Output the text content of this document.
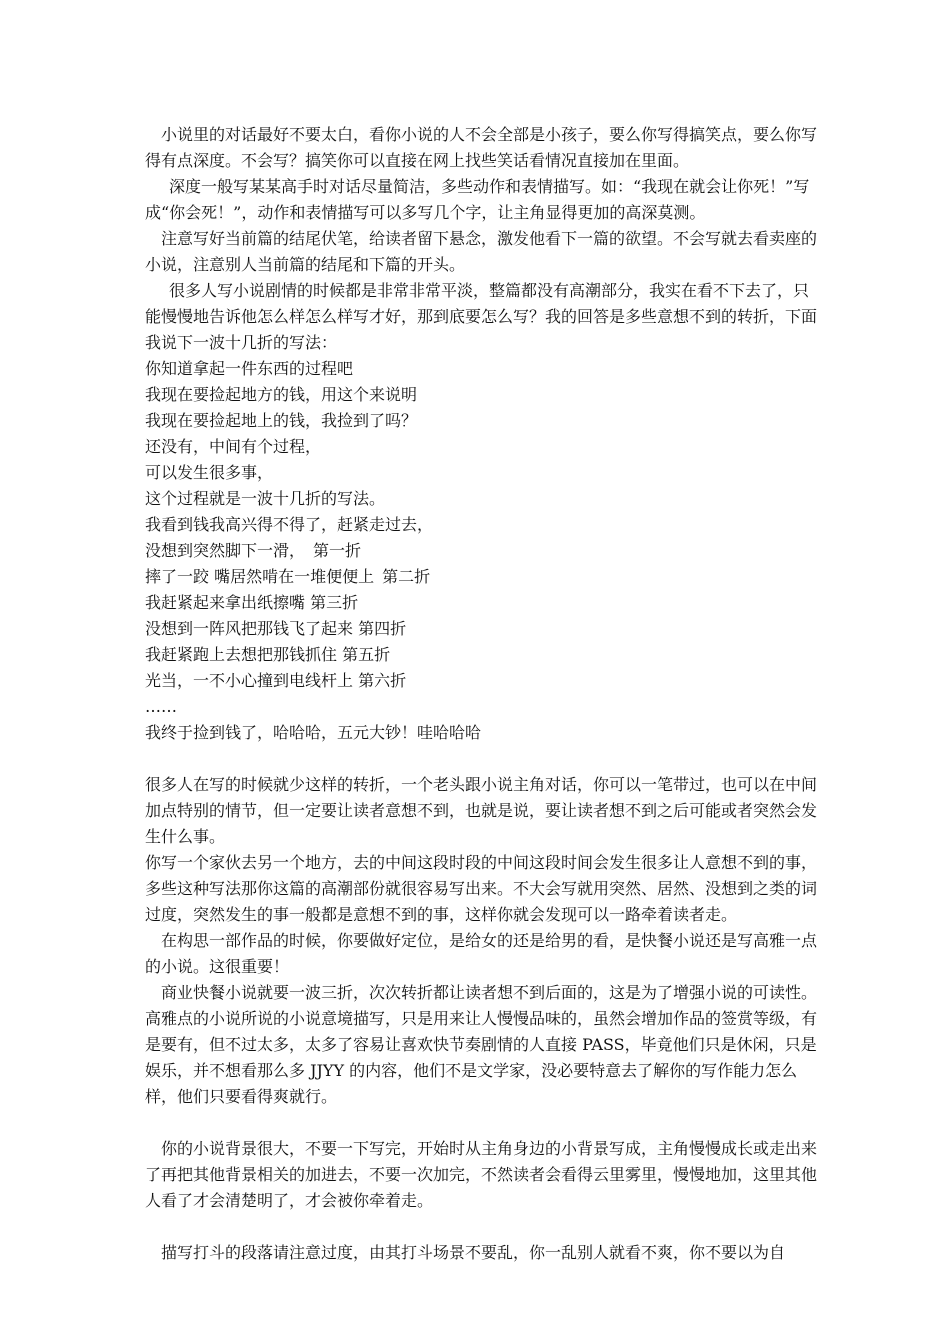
　小说里的对话最好不要太白，看你小说的人不会全部是小孩子，要么你写得搞笑点，要么你写得有点深度。不会写？搞笑你可以直接在网上找些笑话看情况直接加在里面。

　 深度一般写某某高手时对话尽量简洁，多些动作和表情描写。如：“我现在就会让你死！”写成“你会死！”，动作和表情描写可以多写几个字，让主角显得更加的高深莫测。

　注意写好当前篇的结尾伏笔，给读者留下悬念，激发他看下一篇的欲望。不会写就去看卖座的小说，注意别人当前篇的结尾和下篇的开头。

　 很多人写小说剧情的时候都是非常非常平淡，整篇都没有高潮部分，我实在看不下去了，只能慢慢地告诉他怎么样怎么样写才好，那到底要怎么写？我的回答是多些意想不到的转折，下面我说下一波十几折的写法：

你知道拿起一件东西的过程吧

我现在要捡起地方的钱，用这个来说明

我现在要捡起地上的钱，我捡到了吗？

还没有，中间有个过程，

可以发生很多事，

这个过程就是一波十几折的写法。

我看到钱我高兴得不得了，赶紧走过去，

没想到突然脚下一滑， 第一折

摔了一跤 嘴居然啃在一堆便便上 第二折

我赶紧起来拿出纸擦嘴 第三折

没想到一阵风把那钱飞了起来 第四折

我赶紧跑上去想把那钱抓住 第五折

光当，一不小心撞到电线杆上 第六折

……

我终于捡到钱了，哈哈哈，五元大钞！哇哈哈哈

很多人在写的时候就少这样的转折，一个老头跟小说主角对话，你可以一笔带过，也可以在中间加点特别的情节，但一定要让读者意想不到，也就是说，要让读者想不到之后可能或者突然会发生什么事。

你写一个家伙去另一个地方，去的中间这段时段的中间这段时间会发生很多让人意想不到的事，多些这种写法那你这篇的高潮部份就很容易写出来。不大会写就用突然、居然、没想到之类的词过度，突然发生的事一般都是意想不到的事，这样你就会发现可以一路牵着读者走。

　在构思一部作品的时候，你要做好定位，是给女的还是给男的看，是快餐小说还是写高雅一点的小说。这很重要！

　商业快餐小说就要一波三折，次次转折都让读者想不到后面的，这是为了增强小说的可读性。高雅点的小说所说的小说意境描写，只是用来让人慢慢品味的，虽然会增加作品的签赏等级，有是要有，但不过太多，太多了容易让喜欢快节奏剧情的人直接 PASS，毕竟他们只是休闲，只是娱乐，并不想看那么多 JJYY 的内容，他们不是文学家，没必要特意去了解你的写作能力怎么样，他们只要看得爽就行。

　你的小说背景很大，不要一下写完，开始时从主角身边的小背景写成，主角慢慢成长或走出来了再把其他背景相关的加进去，不要一次加完，不然读者会看得云里雾里，慢慢地加，这里其他人看了才会清楚明了，才会被你牵着走。

　描写打斗的段落请注意过度，由其打斗场景不要乱，你一乱别人就看不爽，你不要以为自
